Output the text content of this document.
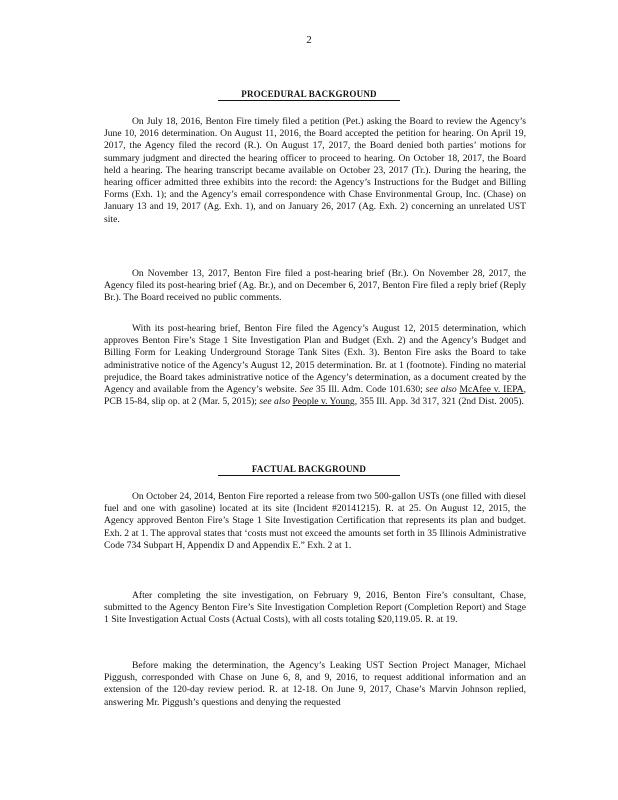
2
PROCEDURAL BACKGROUND

On July 18, 2016, Benton Fire timely filed a petition (Pet.) asking the Board to review the Agency’s June 10, 2016 determination. On August 11, 2016, the Board accepted the petition for hearing. On April 19, 2017, the Agency filed the record (R.). On August 17, 2017, the Board denied both parties’ motions for summary judgment and directed the hearing officer to proceed to hearing. On October 18, 2017, the Board held a hearing. The hearing transcript became available on October 23, 2017 (Tr.). During the hearing, the hearing officer admitted three exhibits into the record: the Agency’s Instructions for the Budget and Billing Forms (Exh. 1); and the Agency’s email correspondence with Chase Environmental Group, Inc. (Chase) on January 13 and 19, 2017 (Ag. Exh. 1), and on January 26, 2017 (Ag. Exh. 2) concerning an unrelated UST site.

On November 13, 2017, Benton Fire filed a post-hearing brief (Br.). On November 28, 2017, the Agency filed its post-hearing brief (Ag. Br.), and on December 6, 2017, Benton Fire filed a reply brief (Reply Br.). The Board received no public comments.

With its post-hearing brief, Benton Fire filed the Agency’s August 12, 2015 determination, which approves Benton Fire’s Stage 1 Site Investigation Plan and Budget (Exh. 2) and the Agency’s Budget and Billing Form for Leaking Underground Storage Tank Sites (Exh. 3). Benton Fire asks the Board to take administrative notice of the Agency’s August 12, 2015 determination. Br. at 1 (footnote). Finding no material prejudice, the Board takes administrative notice of the Agency’s determination, as a document created by the Agency and available from the Agency’s website. See 35 Ill. Adm. Code 101.630; see also McAfee v. IEPA, PCB 15-84, slip op. at 2 (Mar. 5, 2015); see also People v. Young, 355 Ill. App. 3d 317, 321 (2nd Dist. 2005).

FACTUAL BACKGROUND

On October 24, 2014, Benton Fire reported a release from two 500-gallon USTs (one filled with diesel fuel and one with gasoline) located at its site (Incident #20141215). R. at 25. On August 12, 2015, the Agency approved Benton Fire’s Stage 1 Site Investigation Certification that represents its plan and budget. Exh. 2 at 1. The approval states that ‘costs must not exceed the amounts set forth in 35 Illinois Administrative Code 734 Subpart H, Appendix D and Appendix E.” Exh. 2 at 1.

After completing the site investigation, on February 9, 2016, Benton Fire’s consultant, Chase, submitted to the Agency Benton Fire’s Site Investigation Completion Report (Completion Report) and Stage 1 Site Investigation Actual Costs (Actual Costs), with all costs totaling $20,119.05. R. at 19.

Before making the determination, the Agency’s Leaking UST Section Project Manager, Michael Piggush, corresponded with Chase on June 6, 8, and 9, 2016, to request additional information and an extension of the 120-day review period. R. at 12-18. On June 9, 2017, Chase’s Marvin Johnson replied, answering Mr. Piggush’s questions and denying the requested
